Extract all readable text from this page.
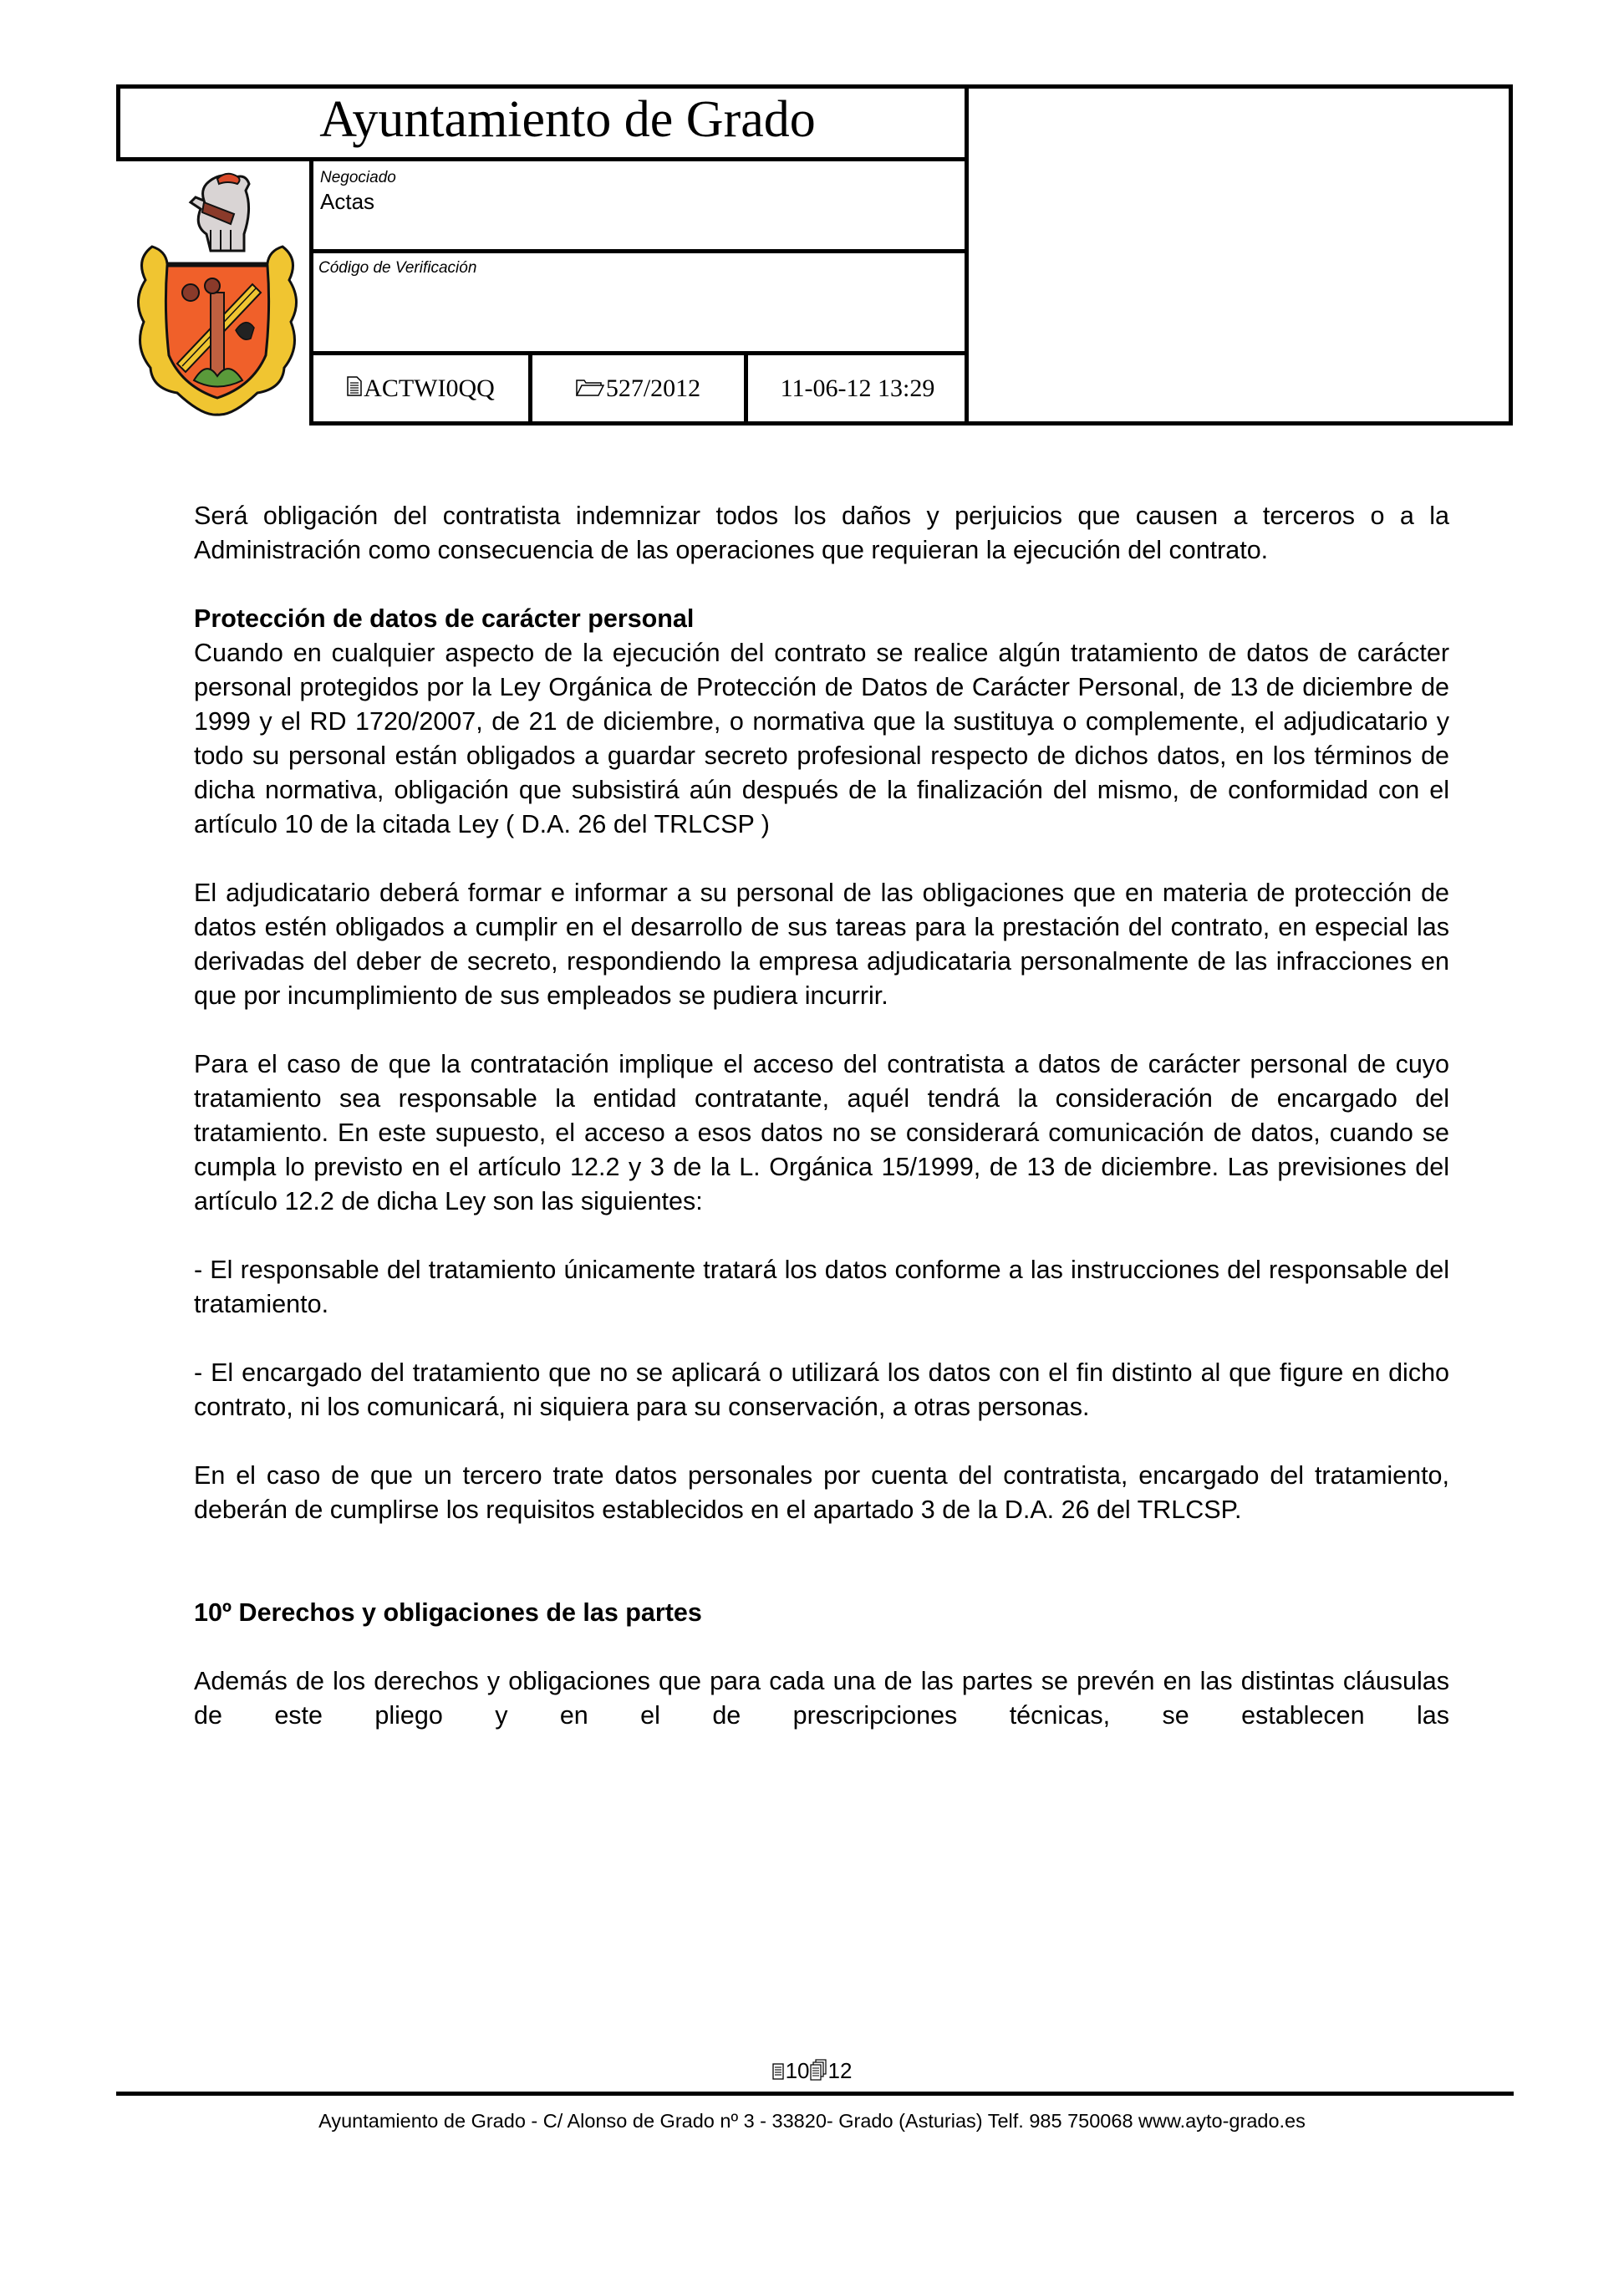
Ayuntamiento de Grado
Negociado
Actas
Código de Verificación
ACTWI0QQ	527/2012	11-06-12 13:29

Será obligación del contratista indemnizar todos los daños y perjuicios que causen a terceros o a la Administración como consecuencia de las operaciones que requieran la ejecución del contrato.

Protección de datos de carácter personal

Cuando en cualquier aspecto de la ejecución del contrato se realice algún tratamiento de datos de carácter personal protegidos por la Ley Orgánica de Protección de Datos de Carácter Personal, de 13 de diciembre de 1999 y el RD 1720/2007, de 21 de diciembre, o normativa que la sustituya o complemente, el adjudicatario y todo su personal están obligados a guardar secreto profesional respecto de dichos datos, en los términos de dicha normativa, obligación que subsistirá aún después de la finalización del mismo, de conformidad con el artículo 10 de la citada Ley ( D.A. 26 del TRLCSP )

El adjudicatario deberá formar e informar a su personal de las obligaciones que en materia de protección de datos estén obligados a cumplir en el desarrollo de sus tareas para la prestación del contrato, en especial las derivadas del deber de secreto, respondiendo la empresa adjudicataria personalmente de las infracciones en que por incumplimiento de sus empleados se pudiera incurrir.

Para el caso de que la contratación implique el acceso del contratista a datos de carácter personal de cuyo tratamiento sea responsable la entidad contratante, aquél tendrá la consideración de encargado del tratamiento. En este supuesto, el acceso a esos datos no se considerará comunicación de datos, cuando se cumpla lo previsto en el artículo 12.2 y 3 de la L. Orgánica 15/1999, de 13 de diciembre. Las previsiones del artículo 12.2 de dicha Ley son las siguientes:

- El responsable del tratamiento únicamente tratará los datos conforme a las instrucciones del responsable del tratamiento.

- El encargado del tratamiento que no se aplicará o utilizará los datos con el fin distinto al que figure en dicho contrato, ni los comunicará, ni siquiera para su conservación, a otras personas.

En el caso de que un tercero trate datos personales por cuenta del contratista, encargado del tratamiento, deberán de cumplirse los requisitos establecidos en el apartado 3 de la D.A. 26 del TRLCSP.

10º Derechos y obligaciones de las partes

Además de los derechos y obligaciones que para cada una de las partes se prevén en las distintas cláusulas de este pliego y en el de prescripciones técnicas, se establecen las

10 12
Ayuntamiento de Grado - C/ Alonso de Grado nº 3 - 33820- Grado (Asturias) Telf. 985 750068 www.ayto-grado.es
